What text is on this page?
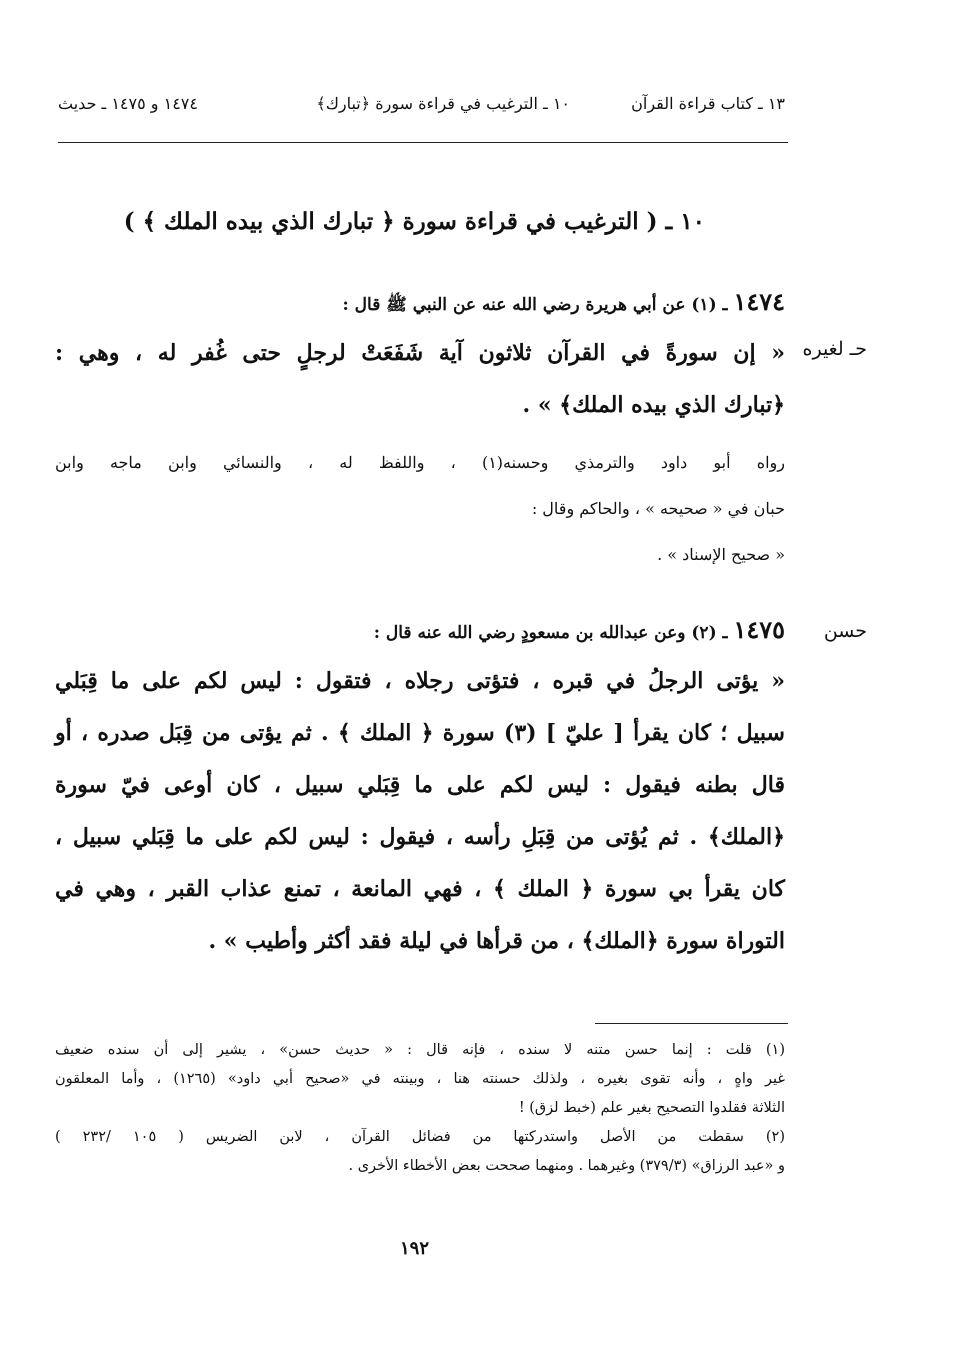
١٣ ـ كتاب قراءة القرآن
١٠ ـ الترغيب في قراءة سورة ﴿تبارك﴾
١٤٧٤ و ١٤٧٥ ـ حديث
١٠ ـ ( الترغيب في قراءة سورة ﴿ تبارك الذي بيده الملك ﴾ )
حـ لغيره

١٤٧٤ ـ (١) عن أبي هريرة رضي الله عنه عن النبي ﷺ قال :

« إن سورةً في القرآن ثلاثون آية شَفَعَتْ لرجلٍ حتى غُفر له ، وهي :

﴿تبارك الذي بيده الملك﴾ » .

رواه أبو داود والترمذي وحسنه(١) ، واللفظ له ، والنسائي وابن ماجه وابن

حبان في « صحيحه » ، والحاكم وقال :

« صحيح الإسناد » .

حسن

١٤٧٥ ـ (٢) وعن عبدالله بن مسعودٍ رضي الله عنه قال :

« يؤتى الرجلُ في قبره ، فتؤتى رجلاه ، فتقول : ليس لكم على ما قِبَلي

سبيل ؛ كان يقرأ [ عليّ ] (٣) سورة ﴿ الملك ﴾ . ثم يؤتى من قِبَل صدره ، أو

قال بطنه فيقول : ليس لكم على ما قِبَلي سبيل ، كان أوعى فيّ سورة

﴿الملك﴾ . ثم يُؤتى من قِبَلِ رأسه ، فيقول : ليس لكم على ما قِبَلي سبيل ،

كان يقرأ بي سورة ﴿ الملك ﴾ ، فهي المانعة ، تمنع عذاب القبر ، وهي في

التوراة سورة ﴿الملك﴾ ، من قرأها في ليلة فقد أكثر وأطيب » .

(١) قلت : إنما حسن متنه لا سنده ، فإنه قال : « حديث حسن» ، يشير إلى أن سنده ضعيف

غير واهٍ ، وأنه تقوى بغيره ، ولذلك حسنته هنا ، وبينته في «صحيح أبي داود» (١٢٦٥) ، وأما المعلقون

الثلاثة فقلدوا التصحيح بغير علم (خبط لزق) !

(٢) سقطت من الأصل واستدركتها من فضائل القرآن ، لابن الضريس ( ١٠٥ /٢٣٢ )

و «عبد الرزاق» (٣٧٩/٣) وغيرهما . ومنهما صححت بعض الأخطاء الأخرى .

١٩٢
